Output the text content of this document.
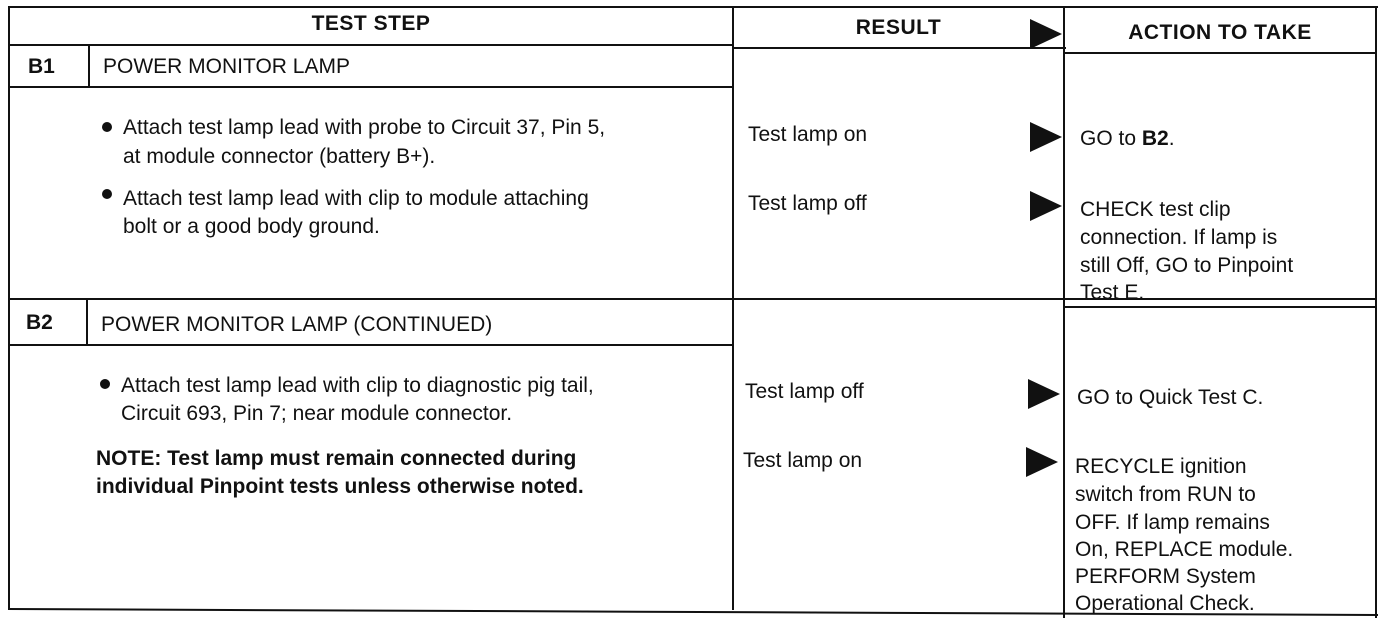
TEST STEP	RESULT	ACTION TO TAKE
B1 POWER MONITOR LAMP
Attach test lamp lead with probe to Circuit 37, Pin 5,
at module connector (battery B+).
Attach test lamp lead with clip to module attaching
bolt or a good body ground.
Test lamp on	GO to B2.
Test lamp off	CHECK test clip
connection. If lamp is
still Off, GO to Pinpoint
Test E.
B2 POWER MONITOR LAMP (CONTINUED)
Attach test lamp lead with clip to diagnostic pig tail,
Circuit 693, Pin 7; near module connector.
NOTE: Test lamp must remain connected during
individual Pinpoint tests unless otherwise noted.
Test lamp off	GO to Quick Test C.
Test lamp on	RECYCLE ignition
switch from RUN to
OFF. If lamp remains
On, REPLACE module.
PERFORM System
Operational Check.
